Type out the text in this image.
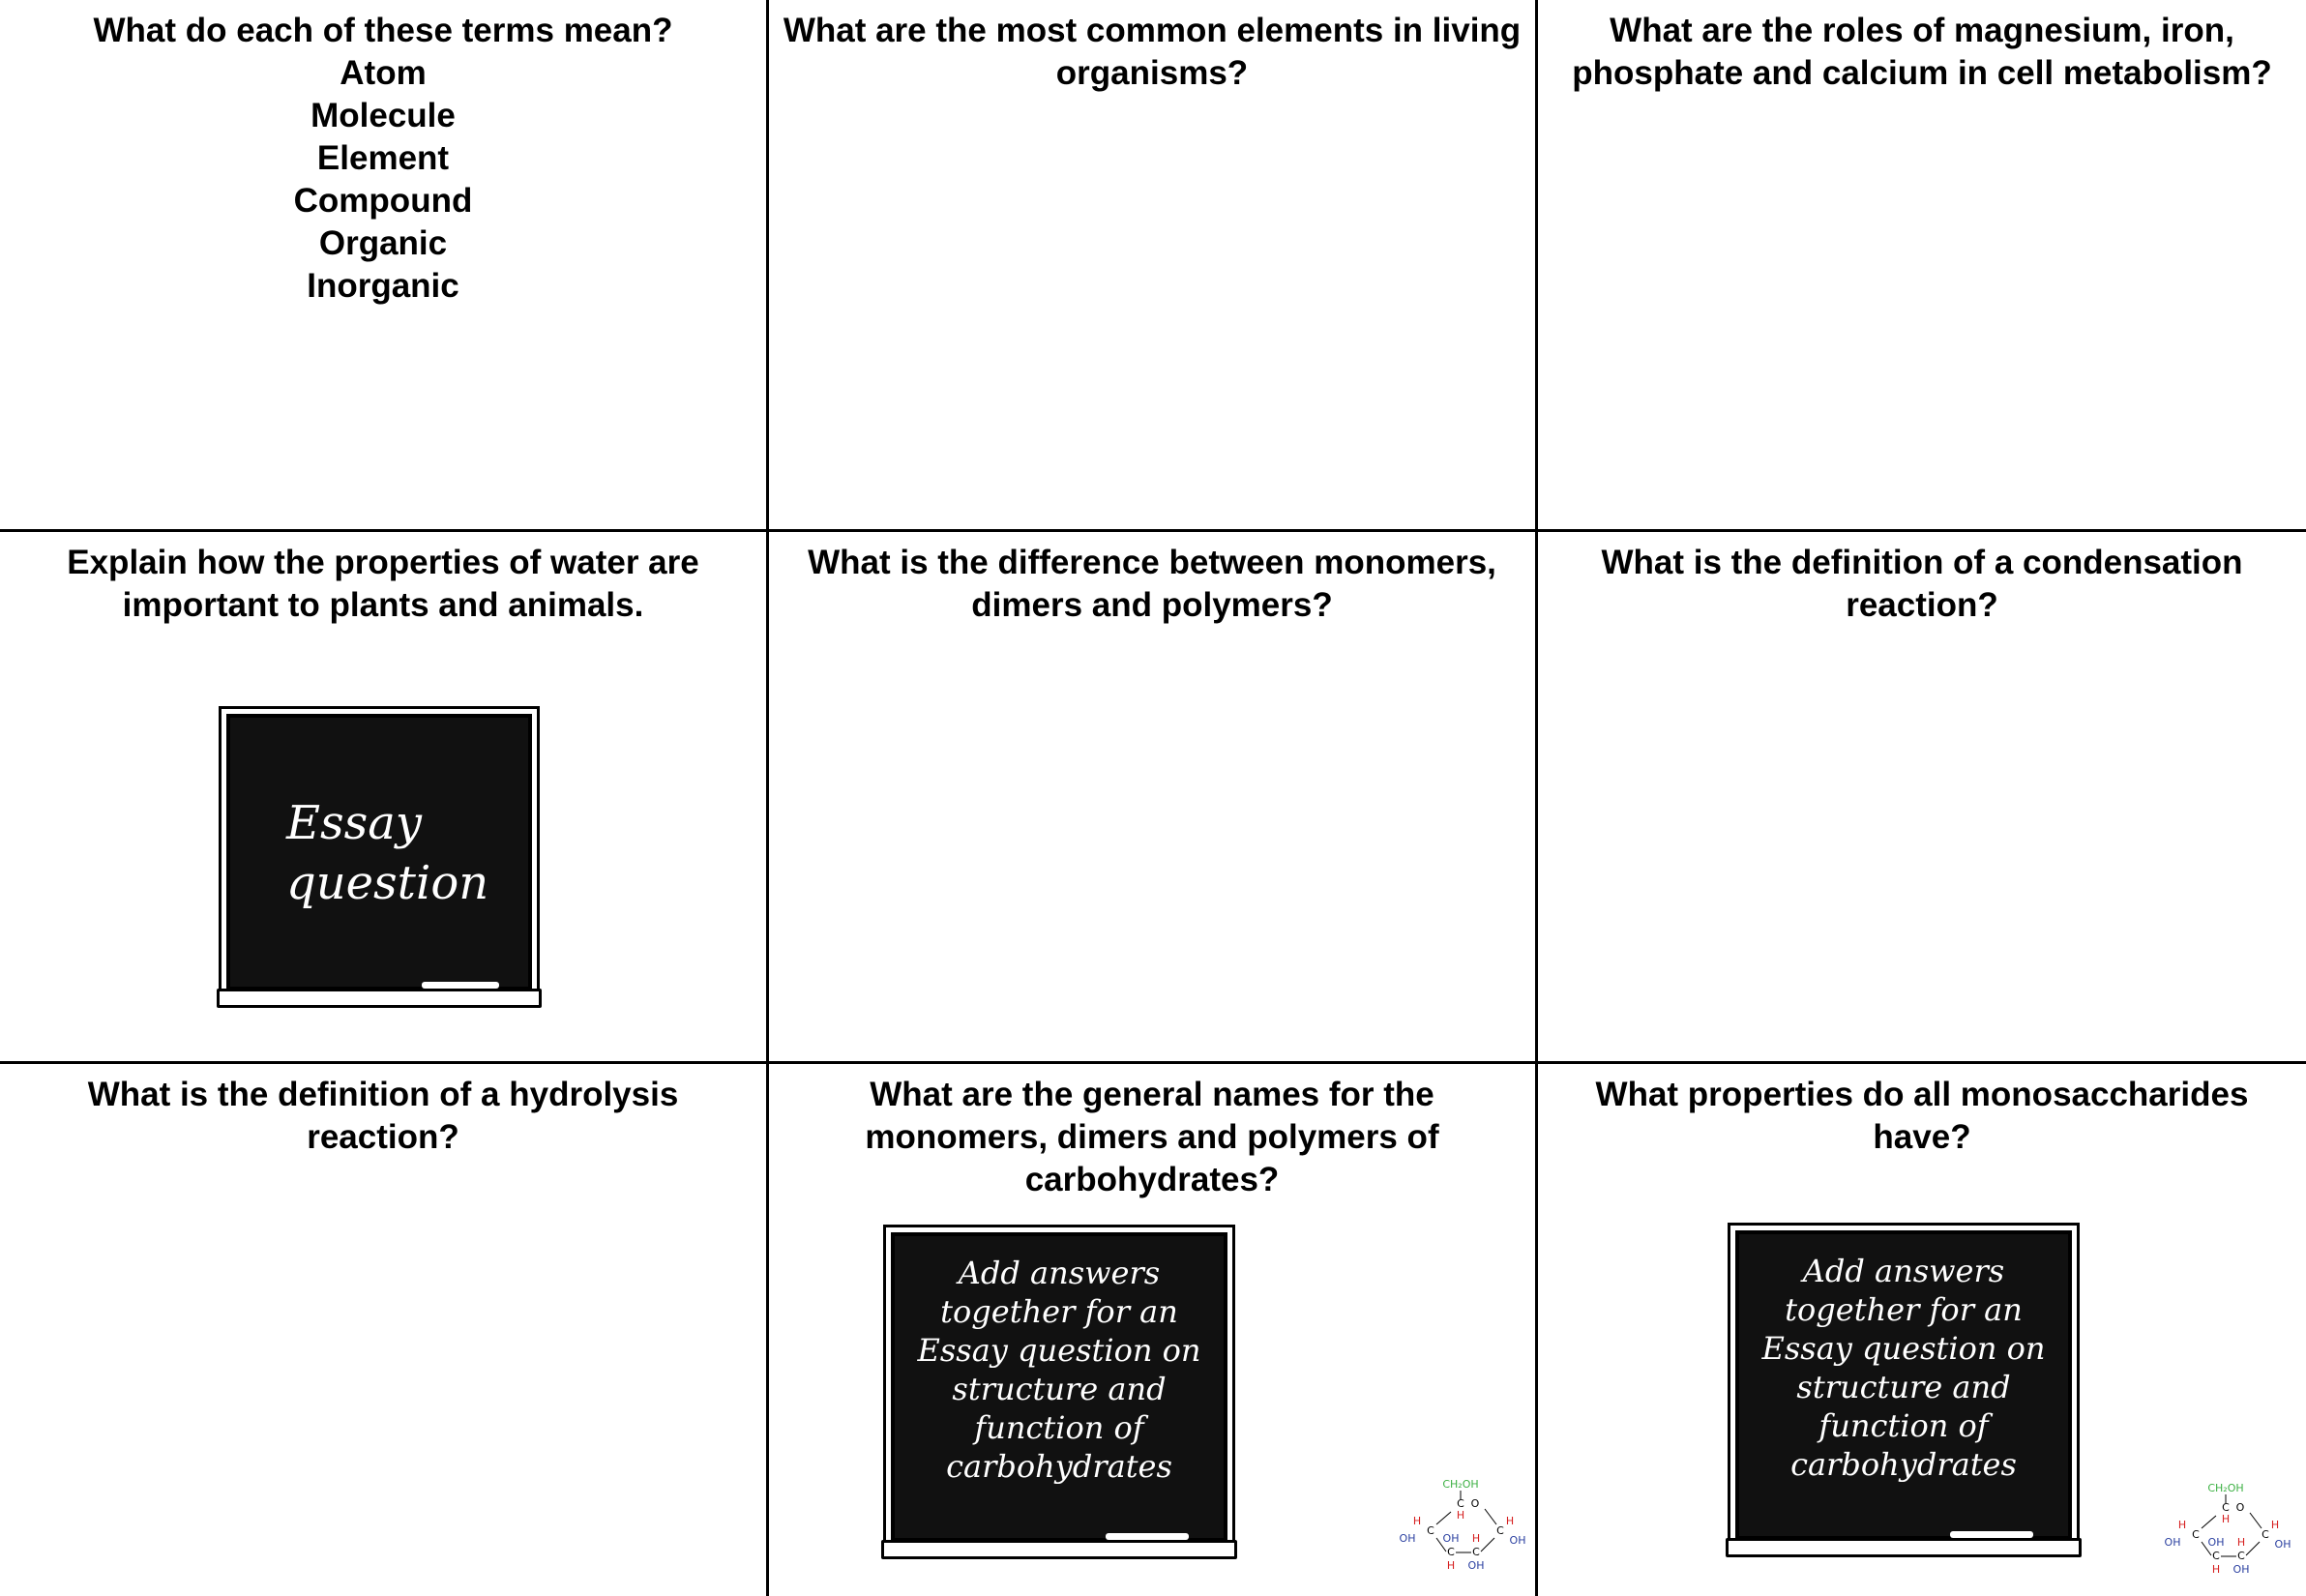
What do each of these terms mean?
Atom
Molecule
Element
Compound
Organic
Inorganic
What are the most common elements in living organisms?
What are the roles of magnesium, iron, phosphate and calcium in cell metabolism?
Explain how the properties of water are important to plants and animals.
Essay
question
What is the difference between monomers, dimers and polymers?
What is the definition of a condensation reaction?
What is the definition of a hydrolysis reaction?
What are the general names for the monomers, dimers and polymers of carbohydrates?
Add answers together for an Essay question on structure and function of carbohydrates	CH₂OH
C O
H
H
C
OH
H
C
OH
OH H
C C
H OH
What properties do all monosaccharides have?
Add answers together for an Essay question on structure and function of carbohydrates
CH₂OH
C O
H
H
C
OH
H
C
OH
OH H
C C
H OH
